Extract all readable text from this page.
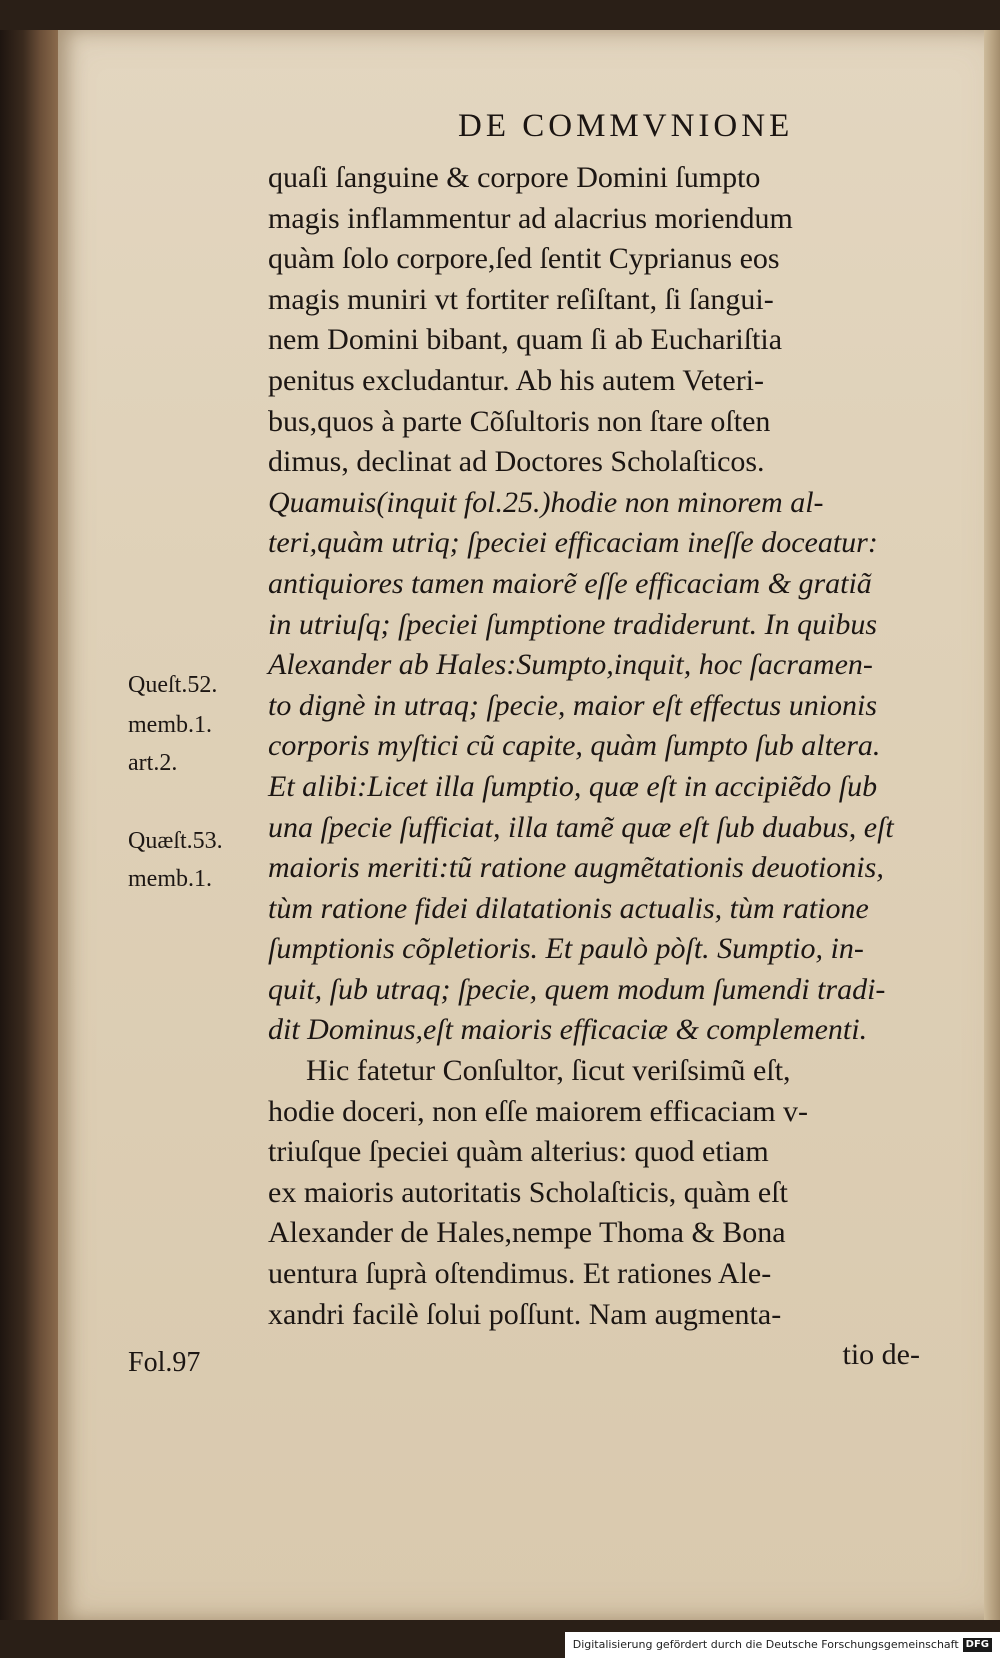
DE COMMVNIONE
quaſi ſanguine & corpore Domini ſumpto
magis inflammentur ad alacrius moriendum
quàm ſolo corpore,ſed ſentit Cyprianus eos
magis muniri vt fortiter reſiſtant, ſi ſangui-
nem Domini bibant, quam ſi ab Euchariſtia
penitus excludantur. Ab his autem Veteri-
bus,quos à parte Cõſultoris non ſtare oſten
dimus, declinat ad Doctores Scholaſticos.
Quamuis(inquit fol.25.)hodie non minorem al-
teri,quàm utriq; ſpeciei efficaciam ineſſe doceatur:
antiquiores tamen maiorẽ eſſe efficaciam & gratiã
in utriuſq; ſpeciei ſumptione tradiderunt. In quibus
Alexander ab Hales:Sumpto,inquit, hoc ſacramen-
to dignè in utraq; ſpecie, maior eſt effectus unionis
corporis myſtici cũ capite, quàm ſumpto ſub altera.
Et alibi:Licet illa ſumptio, quæ eſt in accipiẽdo ſub
una ſpecie ſufficiat, illa tamẽ quæ eſt ſub duabus, eſt
maioris meriti:tũ ratione augmẽtationis deuotionis,
tùm ratione fidei dilatationis actualis, tùm ratione
ſumptionis cõpletioris. Et paulò pòſt. Sumptio, in-
quit, ſub utraq; ſpecie, quem modum ſumendi tradi-
dit Dominus,eſt maioris efficaciæ & complementi.
Hic fatetur Conſultor, ſicut veriſsimũ eſt,
hodie doceri, non eſſe maiorem efficaciam v-
triuſque ſpeciei quàm alterius: quod etiam
ex maioris autoritatis Scholaſticis, quàm eſt
Alexander de Hales,nempe Thoma & Bona
uentura ſuprà oſtendimus. Et rationes Ale-
xandri facilè ſolui poſſunt. Nam augmenta-
tio de-
Queſt.52.
memb.1.
art.2.
Quæſt.53.
memb.1.
Fol.97
Digitalisierung gefördert durch die Deutsche Forschungsgemeinschaft DFG
